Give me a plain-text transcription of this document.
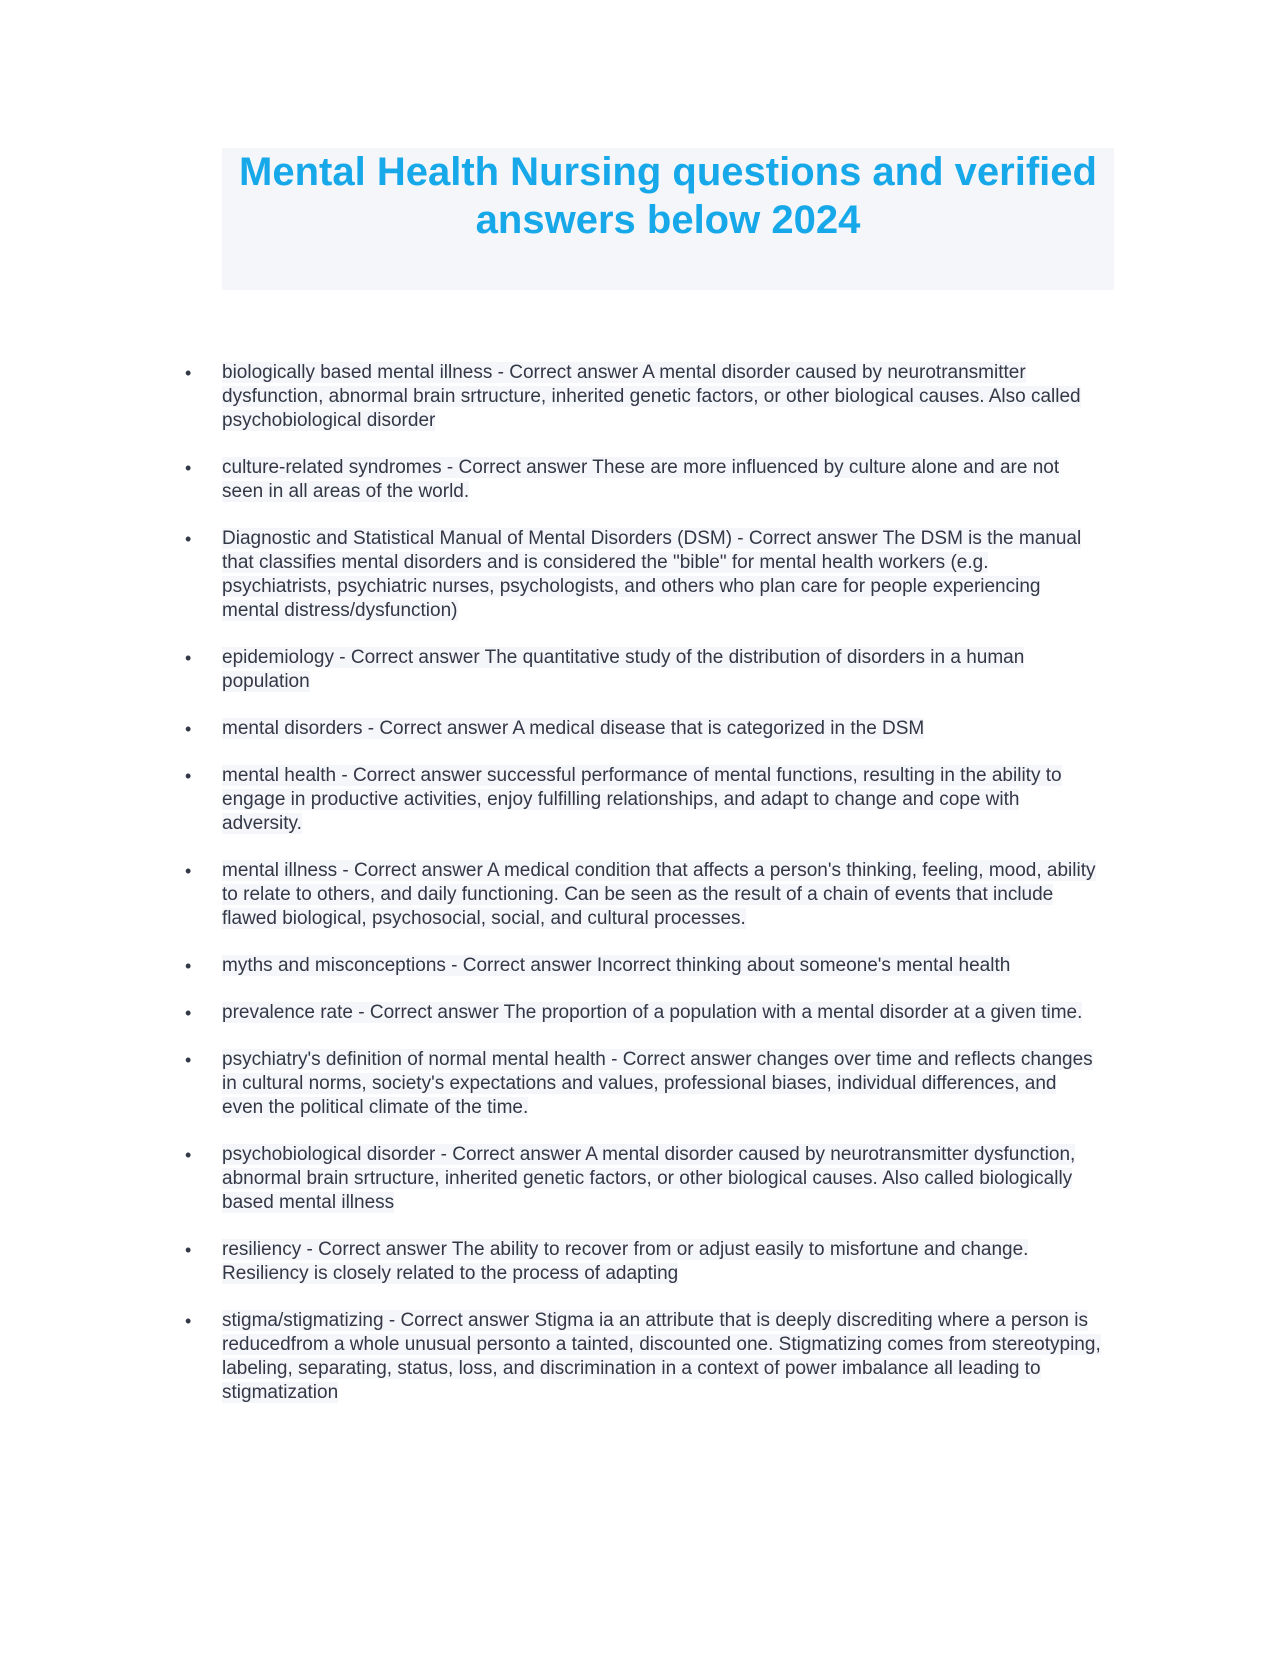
Mental Health Nursing questions and verified answers below 2024
• biologically based mental illness - Correct answer A mental disorder caused by neurotransmitter dysfunction, abnormal brain srtructure, inherited genetic factors, or other biological causes. Also called psychobiological disorder
• culture-related syndromes - Correct answer These are more influenced by culture alone and are not seen in all areas of the world.
• Diagnostic and Statistical Manual of Mental Disorders (DSM) - Correct answer The DSM is the manual that classifies mental disorders and is considered the "bible" for mental health workers (e.g. psychiatrists, psychiatric nurses, psychologists, and others who plan care for people experiencing mental distress/dysfunction)
• epidemiology - Correct answer The quantitative study of the distribution of disorders in a human population
• mental disorders - Correct answer A medical disease that is categorized in the DSM
• mental health - Correct answer successful performance of mental functions, resulting in the ability to engage in productive activities, enjoy fulfilling relationships, and adapt to change and cope with adversity.
• mental illness - Correct answer A medical condition that affects a person's thinking, feeling, mood, ability to relate to others, and daily functioning. Can be seen as the result of a chain of events that include flawed biological, psychosocial, social, and cultural processes.
• myths and misconceptions - Correct answer Incorrect thinking about someone's mental health
• prevalence rate - Correct answer The proportion of a population with a mental disorder at a given time.
• psychiatry's definition of normal mental health - Correct answer changes over time and reflects changes in cultural norms, society's expectations and values, professional biases, individual differences, and even the political climate of the time.
• psychobiological disorder - Correct answer A mental disorder caused by neurotransmitter dysfunction, abnormal brain srtructure, inherited genetic factors, or other biological causes. Also called biologically based mental illness
• resiliency - Correct answer The ability to recover from or adjust easily to misfortune and change. Resiliency is closely related to the process of adapting
• stigma/stigmatizing - Correct answer Stigma ia an attribute that is deeply discrediting where a person is reducedfrom a whole unusual personto a tainted, discounted one. Stigmatizing comes from stereotyping, labeling, separating, status, loss, and discrimination in a context of power imbalance all leading to stigmatization
